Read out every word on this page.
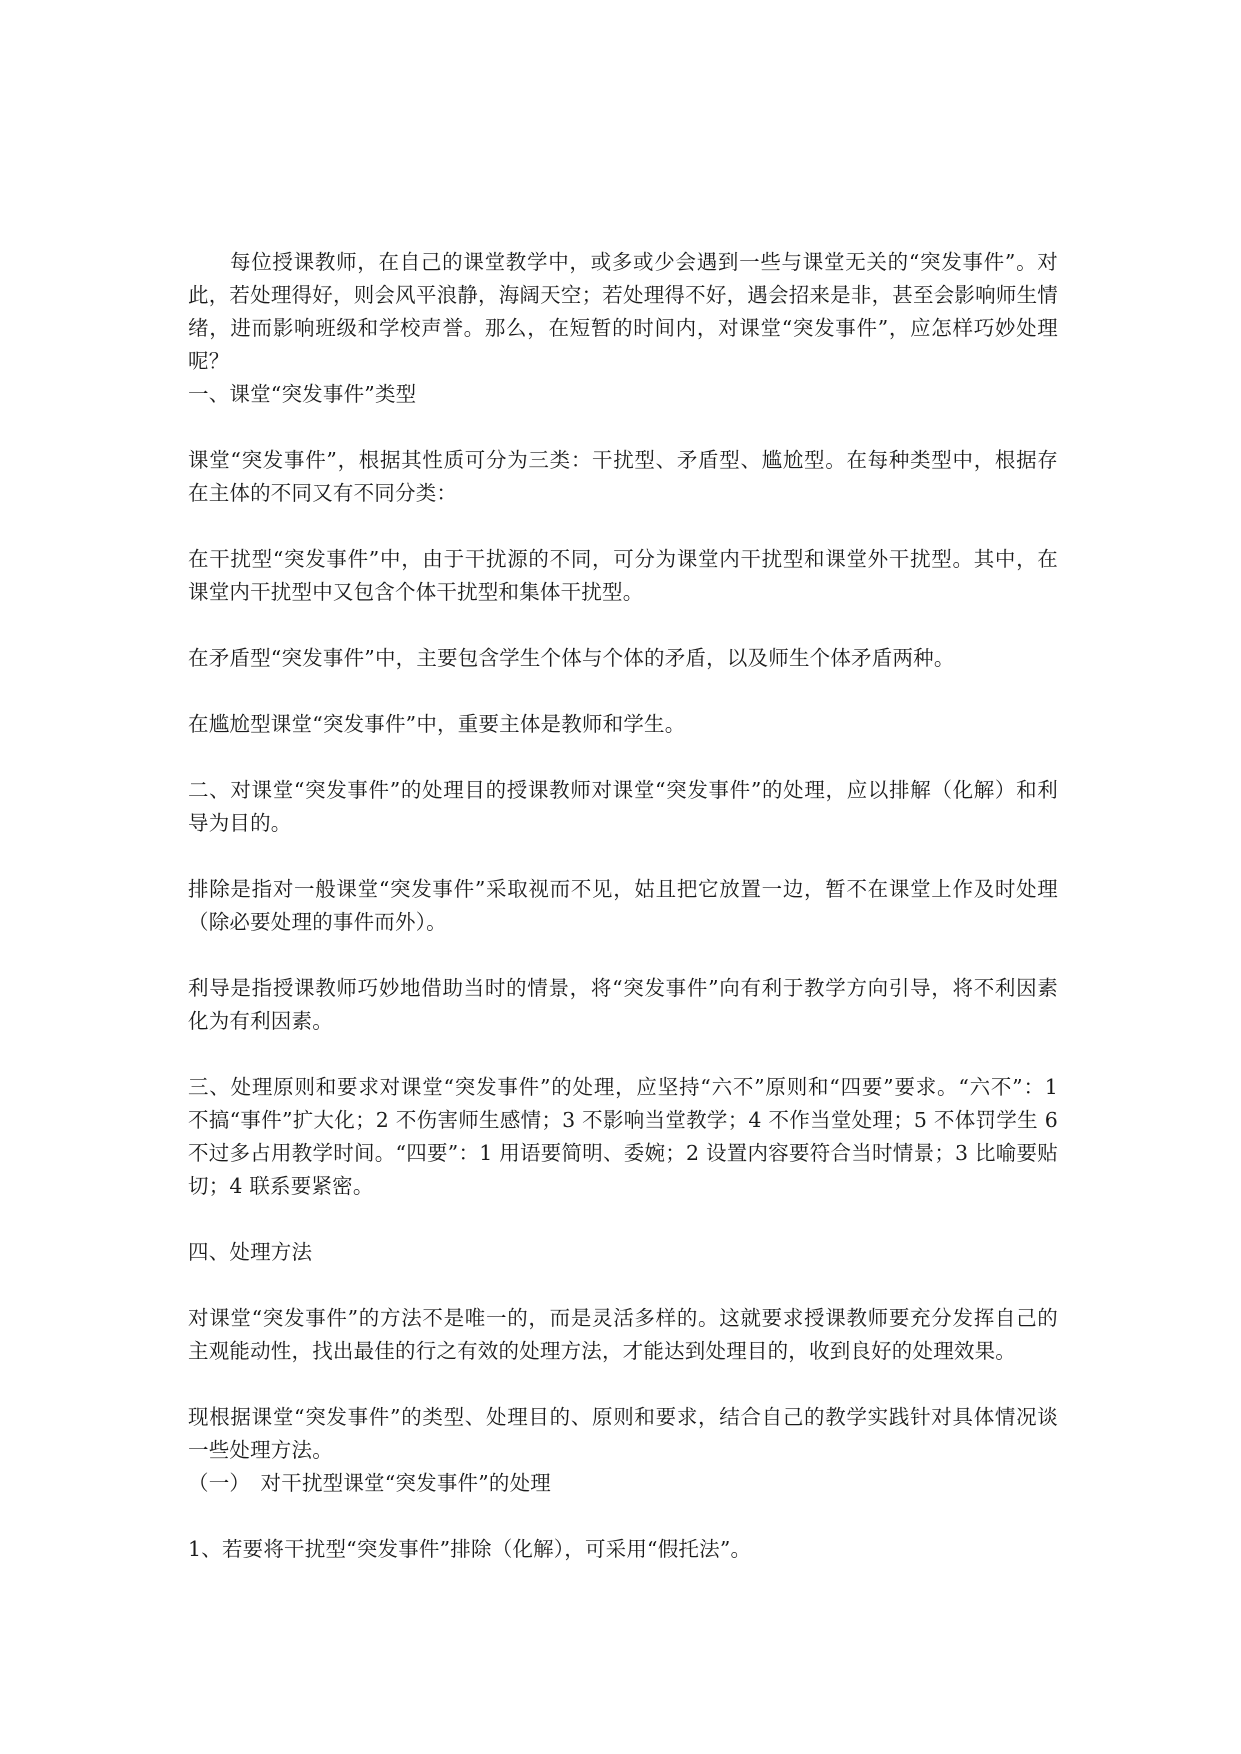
每位授课教师，在自己的课堂教学中，或多或少会遇到一些与课堂无关的“突发事件”。对此，若处理得好，则会风平浪静，海阔天空；若处理得不好，遇会招来是非，甚至会影响师生情绪，进而影响班级和学校声誉。那么，在短暂的时间内，对课堂“突发事件”，应怎样巧妙处理呢？

一、课堂“突发事件”类型

课堂“突发事件”，根据其性质可分为三类：干扰型、矛盾型、尴尬型。在每种类型中，根据存在主体的不同又有不同分类：

在干扰型“突发事件”中，由于干扰源的不同，可分为课堂内干扰型和课堂外干扰型。其中，在课堂内干扰型中又包含个体干扰型和集体干扰型。

在矛盾型“突发事件”中，主要包含学生个体与个体的矛盾，以及师生个体矛盾两种。

在尴尬型课堂“突发事件”中，重要主体是教师和学生。

二、对课堂“突发事件”的处理目的授课教师对课堂“突发事件”的处理，应以排解（化解）和利导为目的。

排除是指对一般课堂“突发事件”采取视而不见，姑且把它放置一边，暂不在课堂上作及时处理（除必要处理的事件而外）。

利导是指授课教师巧妙地借助当时的情景，将“突发事件”向有利于教学方向引导，将不利因素化为有利因素。

三、处理原则和要求对课堂“突发事件”的处理，应坚持“六不”原则和“四要”要求。“六不”：1 不搞“事件”扩大化；2 不伤害师生感情；3 不影响当堂教学；4 不作当堂处理；5 不体罚学生 6 不过多占用教学时间。“四要”：1 用语要简明、委婉；2 设置内容要符合当时情景；3 比喻要贴切；4 联系要紧密。

四、处理方法

对课堂“突发事件”的方法不是唯一的，而是灵活多样的。这就要求授课教师要充分发挥自己的主观能动性，找出最佳的行之有效的处理方法，才能达到处理目的，收到良好的处理效果。

现根据课堂“突发事件”的类型、处理目的、原则和要求，结合自己的教学实践针对具体情况谈一些处理方法。

（一）　对干扰型课堂“突发事件”的处理

1、若要将干扰型“突发事件”排除（化解），可采用“假托法”。
